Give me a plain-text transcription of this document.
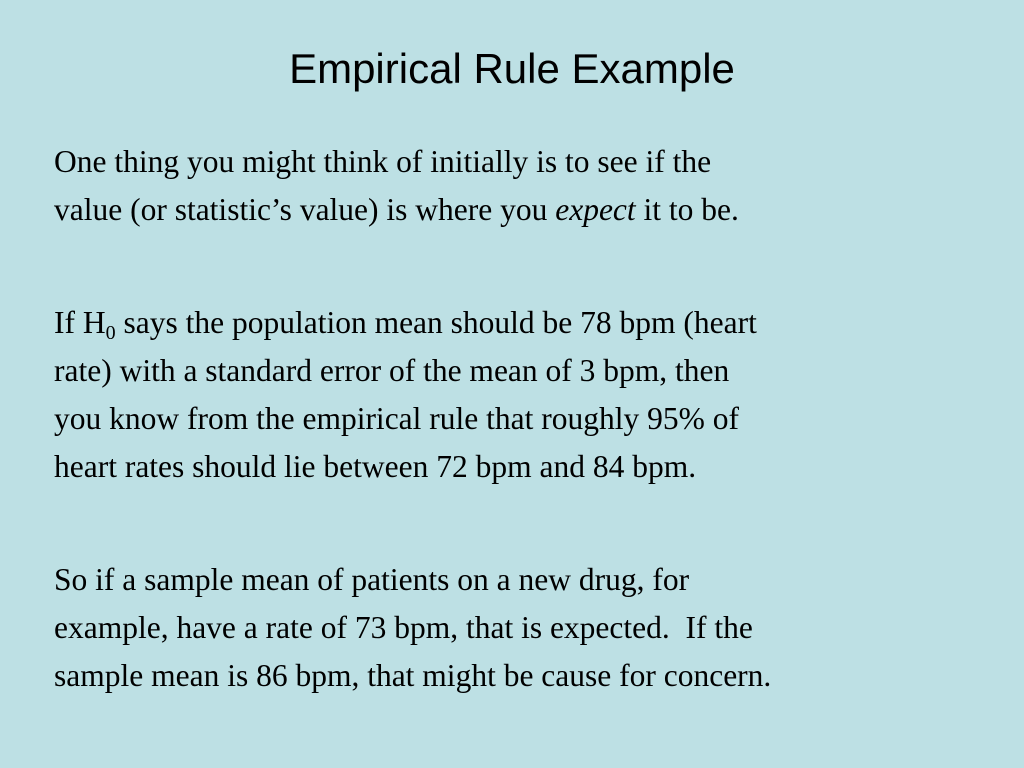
Empirical Rule Example

One thing you might think of initially is to see if the
value (or statistic’s value) is where you expect it to be.

If $H_0$ says the population mean should be 78 bpm (heart
rate) with a standard error of the mean of 3 bpm, then
you know from the empirical rule that roughly 95% of
heart rates should lie between 72 bpm and 84 bpm.

So if a sample mean of patients on a new drug, for
example, have a rate of 73 bpm, that is expected.  If the
sample mean is 86 bpm, that might be cause for concern.
